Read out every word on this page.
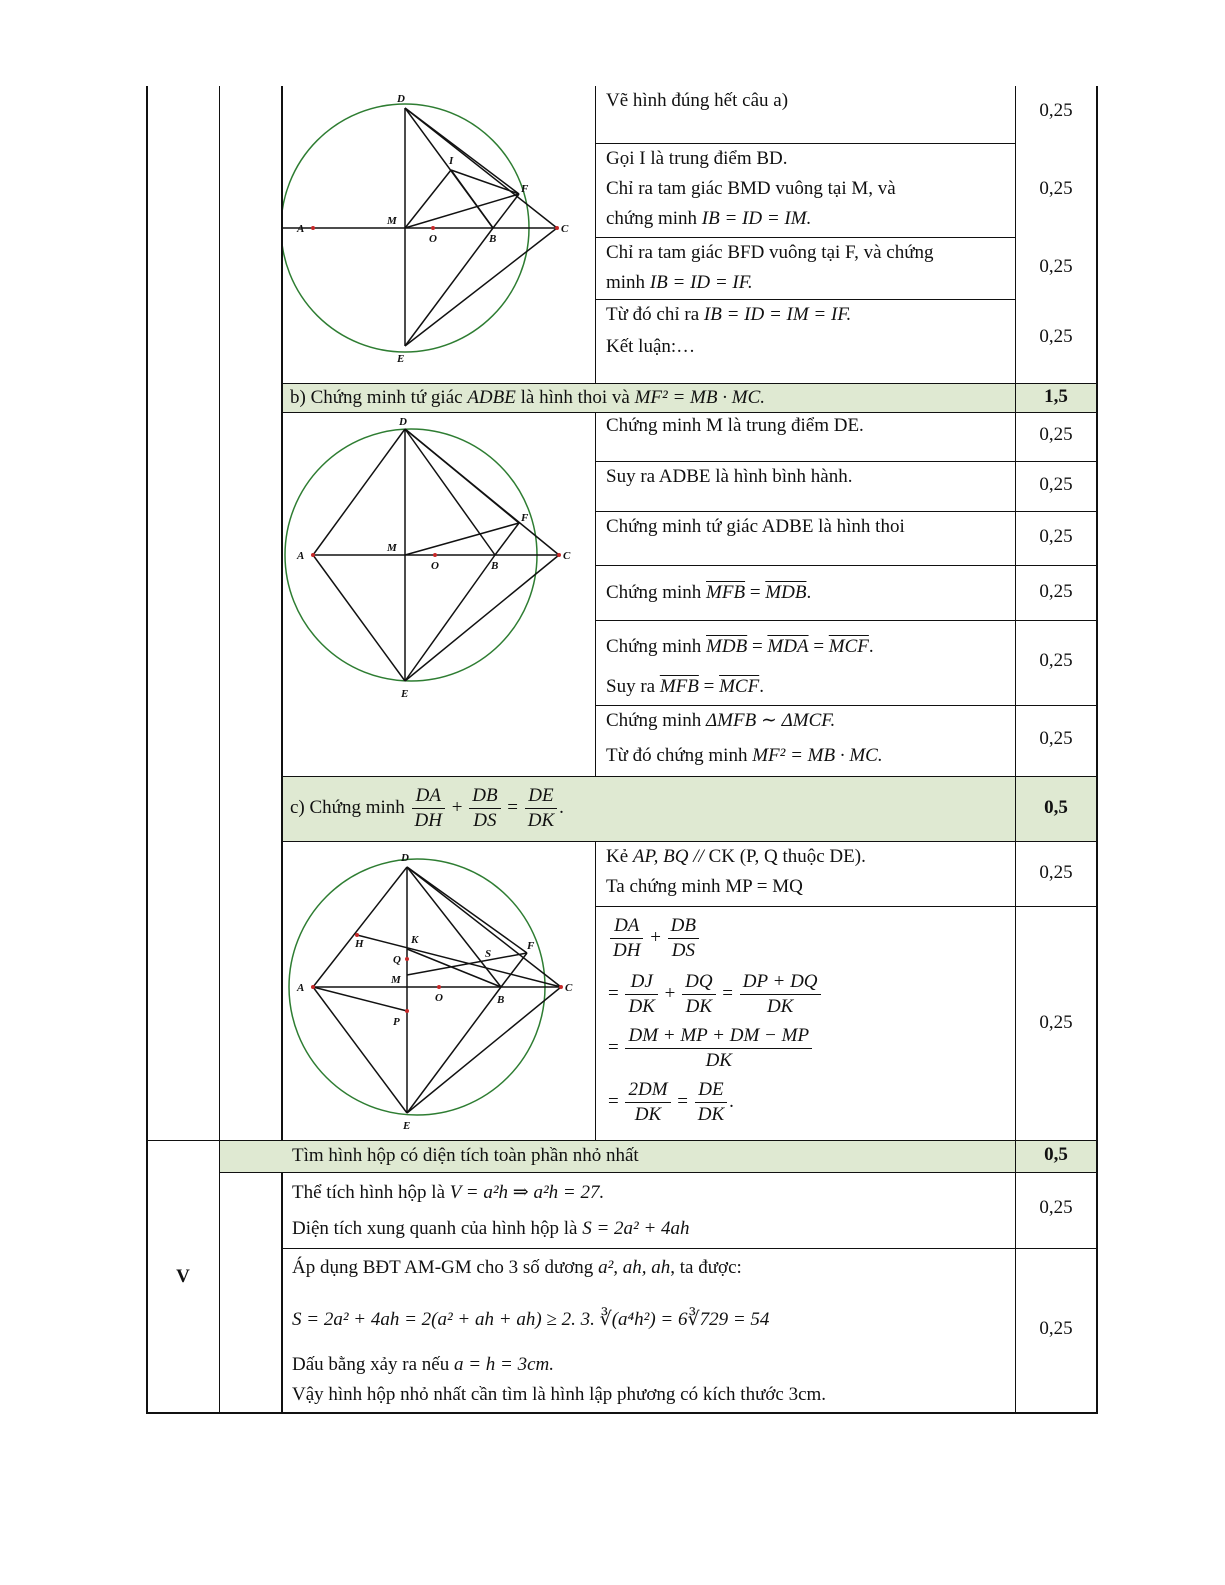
D
A	C
E
M
O	B
I
F
D
A	C
E
M
O	B
F
D
A	C
E
H	K
Q
M
O	B
S
F
P
Vẽ hình đúng hết câu a)	0,25
Gọi I là trung điểm BD.
Chỉ ra tam giác BMD vuông tại M, và
chứng minh IB = ID = IM.
0,25
Chỉ ra tam giác BFD vuông tại F, và chứng
minh IB = ID = IF.
0,25
Từ đó chỉ ra IB = ID = IM = IF.
Kết luận:…	0,25
b) Chứng minh tứ giác ADBE là hình thoi và MF² = MB · MC.	1,5
Chứng minh M là trung điểm DE.	0,25
Suy ra ADBE là hình bình hành.	0,25
Chứng minh tứ giác ADBE là hình thoi	0,25
Chứng minh $\overline{MFB} = \overline{MDB}$.	0,25
Chứng minh $\overline{MDB} = \overline{MDA} = \overline{MCF}$.
Suy ra $\overline{MFB} = \overline{MCF}$.
0,25
Chứng minh ΔMFB ∼ ΔMCF.
Từ đó chứng minh MF² = MB · MC.
0,25
c) Chứng minh $\frac{DA}{DH} + \frac{DB}{DS} = \frac{DE}{DK}$ .	0,5
Kẻ AP, BQ // CK (P, Q thuộc DE).
Ta chứng minh MP = MQ
0,25
$\frac{DA}{DH} + \frac{DB}{DS}$
= $\frac{DJ}{DK} + \frac{DQ}{DK} = \frac{DP + DQ}{DK}$
= $\frac{DM + MP + DM - MP}{DK}$
= $\frac{2DM}{DK} = \frac{DE}{DK}$ .
0,25
V
Tìm hình hộp có diện tích toàn phần nhỏ nhất	0,5
Thể tích hình hộp là V = a²h ⇒ a²h = 27.
Diện tích xung quanh của hình hộp là S = 2a² + 4ah
0,25
Áp dụng BĐT AM-GM cho 3 số dương a², ah, ah, ta được:
S = 2a² + 4ah = 2(a² + ah + ah) ≥ 2. 3. ∛(a⁴h²) = 6∛729 = 54
Dấu bằng xảy ra nếu a = h = 3cm.
Vậy hình hộp nhỏ nhất cần tìm là hình lập phương có kích thước 3cm.
0,25
